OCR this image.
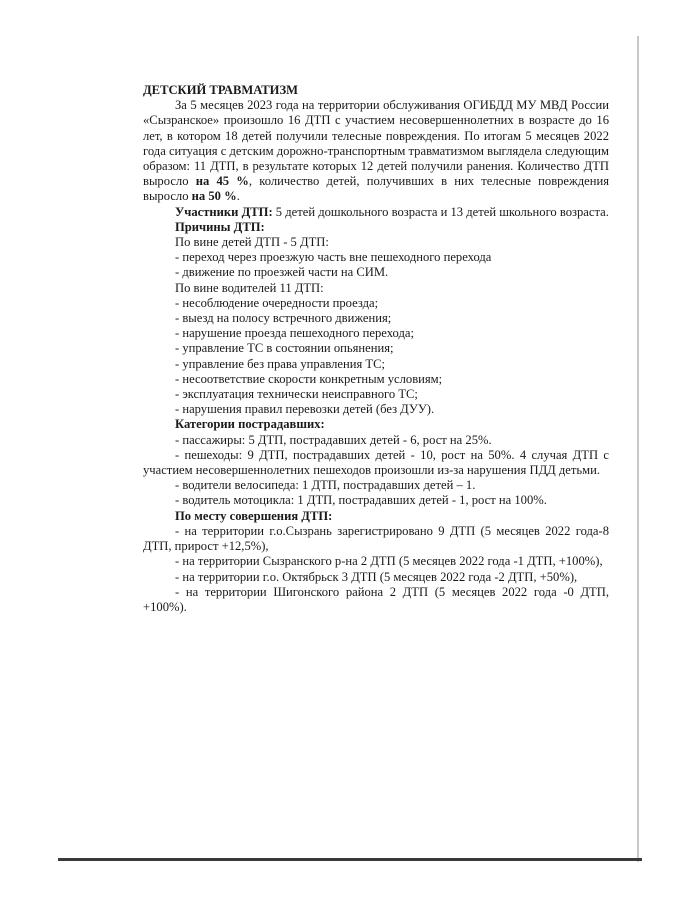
ДЕТСКИЙ ТРАВМАТИЗМ

За 5 месяцев 2023 года на территории обслуживания ОГИБДД МУ МВД России «Сызранское» произошло 16 ДТП с участием несовершеннолетних в возрасте до 16 лет, в котором 18 детей получили телесные повреждения. По итогам 5 месяцев 2022 года ситуация с детским дорожно-транспортным травматизмом выглядела следующим образом: 11 ДТП, в результате которых 12 детей получили ранения. Количество ДТП выросло на 45 %, количество детей, получивших в них телесные повреждения выросло на 50 %.

Участники ДТП: 5 детей дошкольного возраста и 13 детей школьного возраста.

Причины ДТП:

По вине детей ДТП - 5 ДТП:

- переход через проезжую часть вне пешеходного перехода

- движение по проезжей части на СИМ.

По вине водителей 11 ДТП:

- несоблюдение очередности проезда;

- выезд на полосу встречного движения;

- нарушение проезда пешеходного перехода;

- управление ТС в состоянии опьянения;

- управление без права управления ТС;

- несоответствие скорости конкретным условиям;

- эксплуатация технически неисправного ТС;

- нарушения правил перевозки детей (без ДУУ).

Категории пострадавших:

- пассажиры: 5 ДТП, пострадавших детей - 6, рост на 25%.

- пешеходы: 9 ДТП, пострадавших детей - 10, рост на 50%. 4 случая ДТП с участием несовершеннолетних пешеходов произошли из-за нарушения ПДД детьми.

- водители велосипеда: 1 ДТП, пострадавших детей – 1.

- водитель мотоцикла: 1 ДТП, пострадавших детей - 1, рост на 100%.

По месту совершения ДТП:

- на территории г.о.Сызрань зарегистрировано 9 ДТП (5 месяцев 2022 года-8 ДТП, прирост +12,5%),

- на территории Сызранского р-на 2 ДТП (5 месяцев 2022 года -1 ДТП, +100%),

- на территории г.о. Октябрьск 3 ДТП (5 месяцев 2022 года -2 ДТП, +50%),

- на территории Шигонского района 2 ДТП (5 месяцев 2022 года -0 ДТП, +100%).
